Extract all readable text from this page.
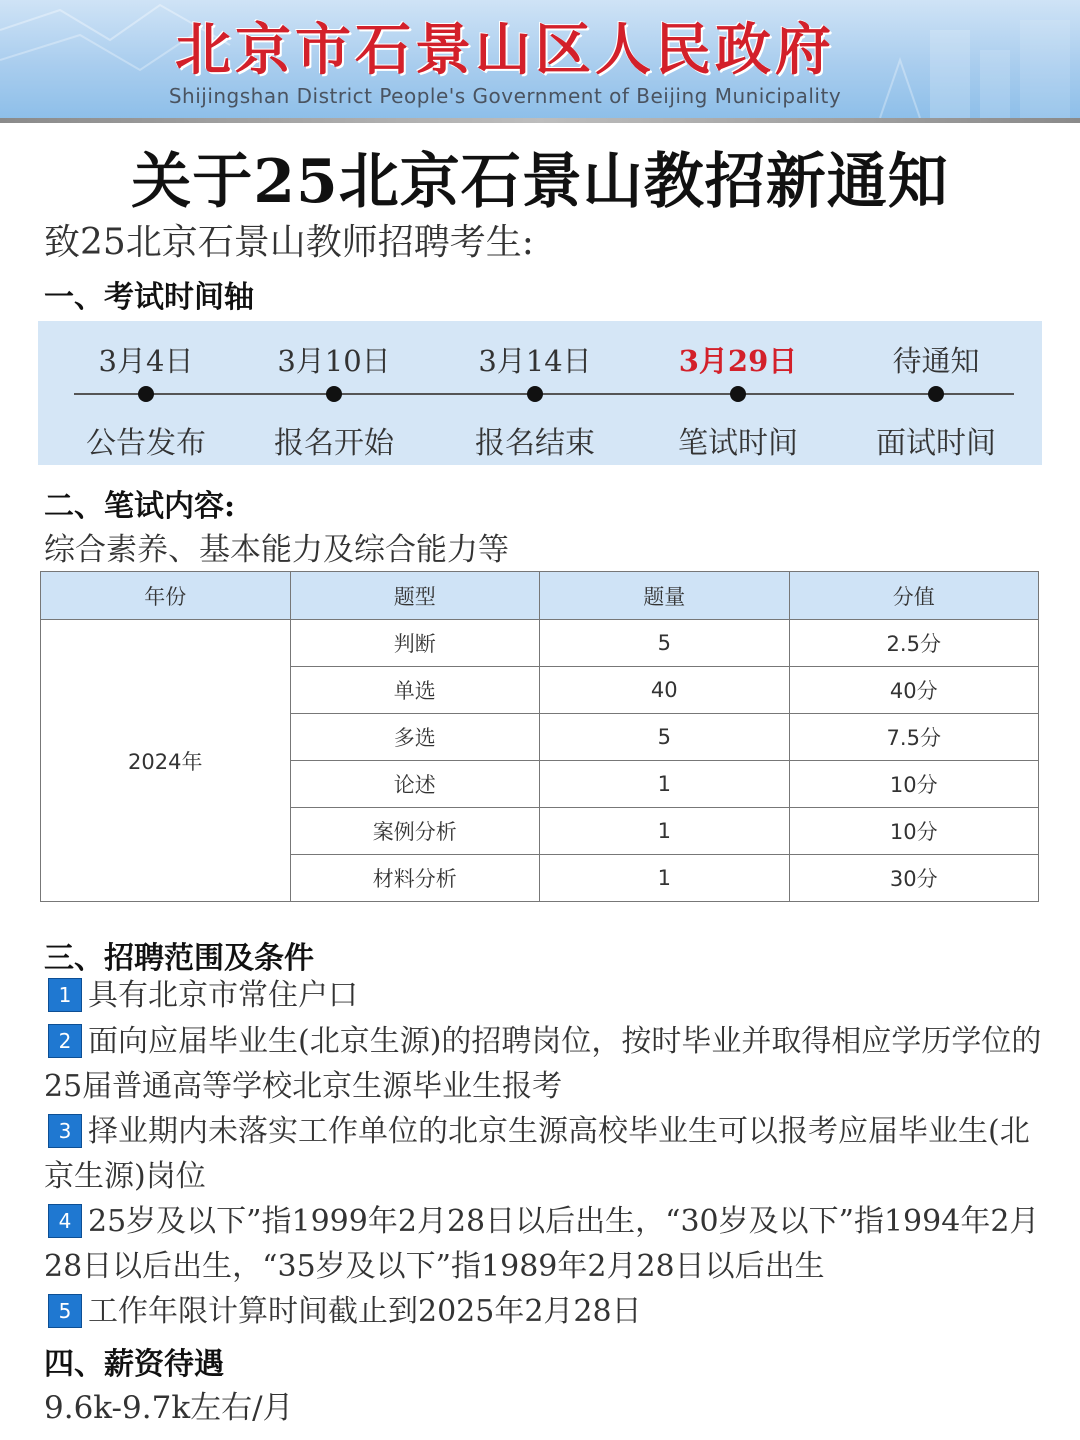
北京市石景山区人民政府
Shijingshan District People's Government of Beijing Municipality
关于25北京石景山教招新通知
致25北京石景山教师招聘考生:
一、考试时间轴
3月4日
公告发布
3月10日
报名开始
3月14日
报名结束
3月29日
笔试时间
待通知
面试时间
二、笔试内容:
综合素养、基本能力及综合能力等
年份	题型	题量	分值
2024年	判断	5	2.5分
	单选	40	40分
	多选	5	7.5分
	论述	1	10分
	案例分析	1	10分
	材料分析	1	30分
三、招聘范围及条件
1 具有北京市常住户口
2 面向应届毕业生(北京生源)的招聘岗位，按时毕业并取得相应学历学位的25届普通高等学校北京生源毕业生报考
3 择业期内未落实工作单位的北京生源高校毕业生可以报考应届毕业生(北京生源)岗位
4 25岁及以下”指1999年2月28日以后出生，“30岁及以下”指1994年2月28日以后出生，“35岁及以下”指1989年2月28日以后出生
5 工作年限计算时间截止到2025年2月28日
四、薪资待遇
9.6k-9.7k左右/月
